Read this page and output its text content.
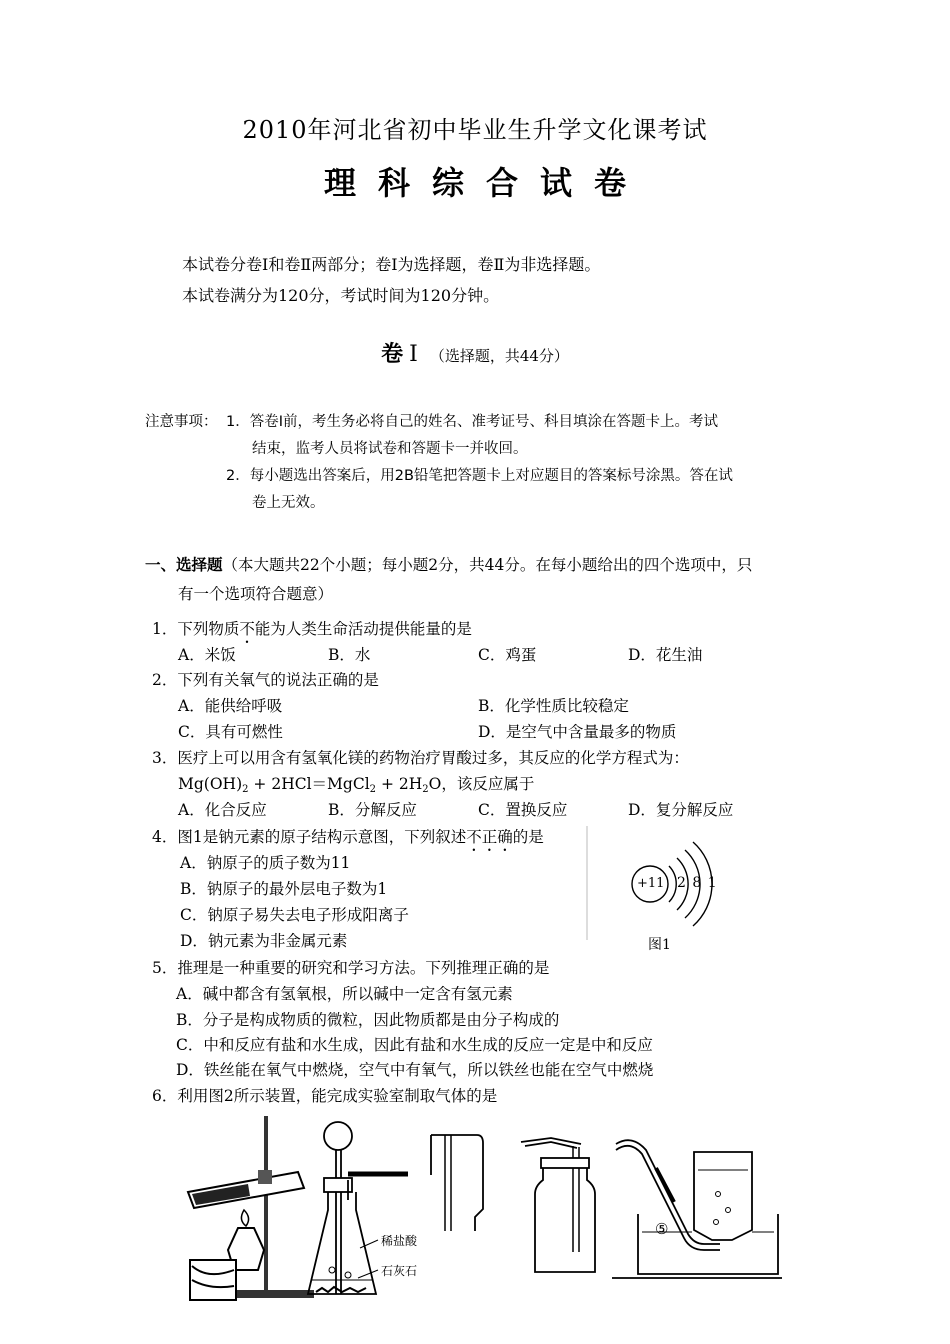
2010年河北省初中毕业生升学文化课考试
理科综合试卷
本试卷分卷Ⅰ和卷Ⅱ两部分；卷Ⅰ为选择题，卷Ⅱ为非选择题。
本试卷满分为120分，考试时间为120分钟。
卷 Ⅰ （选择题，共44分）
注意事项： 1．答卷Ⅰ前，考生务必将自己的姓名、准考证号、科目填涂在答题卡上。考试
结束，监考人员将试卷和答题卡一并收回。
2．每小题选出答案后，用2B铅笔把答题卡上对应题目的答案标号涂黑。答在试
卷上无效。
一、选择题（本大题共22个小题；每小题2分，共44分。在每小题给出的四个选项中，只
有一个选项符合题意）
1．下列物质不能为人类生命活动提供能量的是
A．米饭	B．水	C．鸡蛋	D．花生油
2．下列有关氧气的说法正确的是
A．能供给呼吸	B．化学性质比较稳定
C．具有可燃性	D．是空气中含量最多的物质
3．医疗上可以用含有氢氧化镁的药物治疗胃酸过多，其反应的化学方程式为：
$Mg(OH)_2$ + 2HCl＝MgCl$_2$ + $2H_2O$，该反应属于
A．化合反应	B．分解反应	C．置换反应	D．复分解反应
4．图1是钠元素的原子结构示意图，下列叙述不正确的是
A．钠原子的质子数为11
B．钠原子的最外层电子数为1
C．钠原子易失去电子形成阳离子
D．钠元素为非金属元素
+11 2 8 1
图1
5．推理是一种重要的研究和学习方法。下列推理正确的是
A．碱中都含有氢氧根，所以碱中一定含有氢元素
B．分子是构成物质的微粒，因此物质都是由分子构成的
C．中和反应有盐和水生成，因此有盐和水生成的反应一定是中和反应
D．铁丝能在氧气中燃烧，空气中有氧气，所以铁丝也能在空气中燃烧
6．利用图2所示装置，能完成实验室制取气体的是
稀盐酸
石灰石
⑤
